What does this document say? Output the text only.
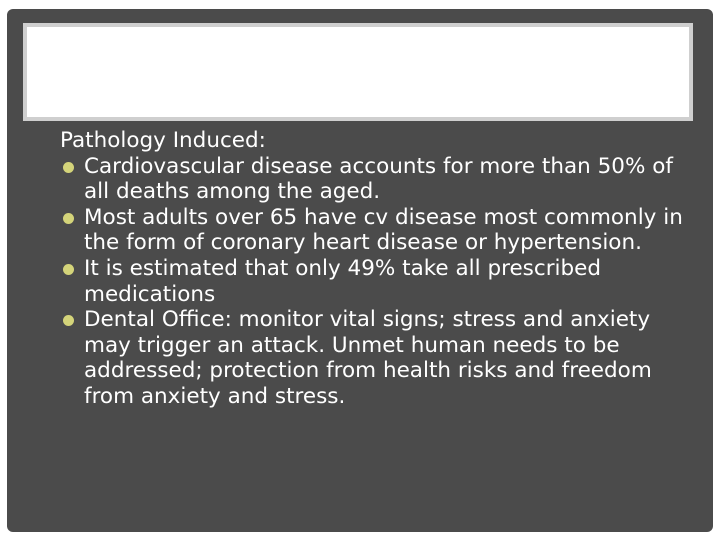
Pathology Induced:

Cardiovascular disease accounts for more than 50% of all deaths among the aged.
Most adults over 65 have cv disease most commonly in the form of coronary heart disease or hypertension.
It is estimated that only 49% take all prescribed medications
Dental Office: monitor vital signs; stress and anxiety may trigger an attack. Unmet human needs to be addressed; protection from health risks and freedom from anxiety and stress.
